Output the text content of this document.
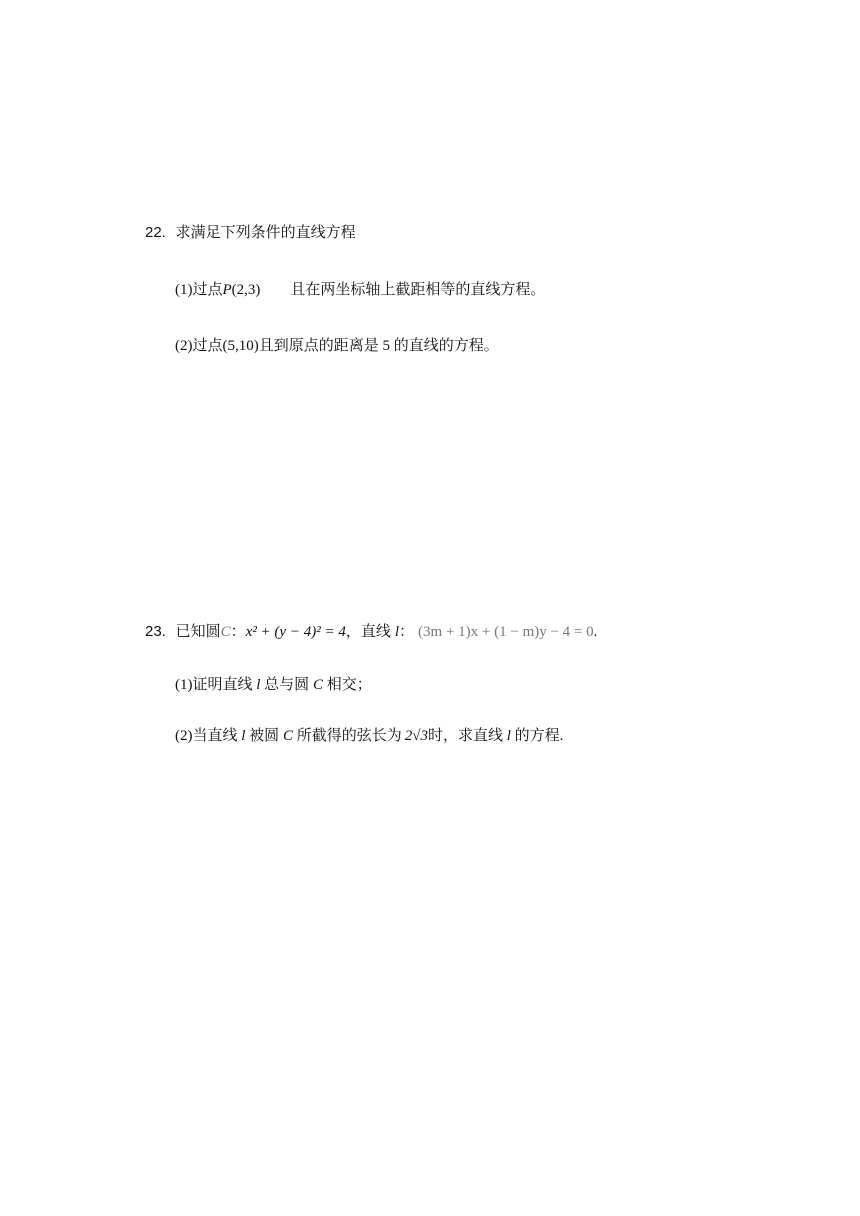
22. 求满足下列条件的直线方程
(1)过点P(2,3) 且在两坐标轴上截距相等的直线方程。
(2)过点(5,10)且到原点的距离是 5 的直线的方程。
23. 已知圆C：x² + (y − 4)² = 4，直线 l： (3m + 1)x + (1 − m)y − 4 = 0.
(1)证明直线 l 总与圆 C 相交；
(2)当直线 l 被圆 C 所截得的弦长为 2√3时，求直线 l 的方程.
